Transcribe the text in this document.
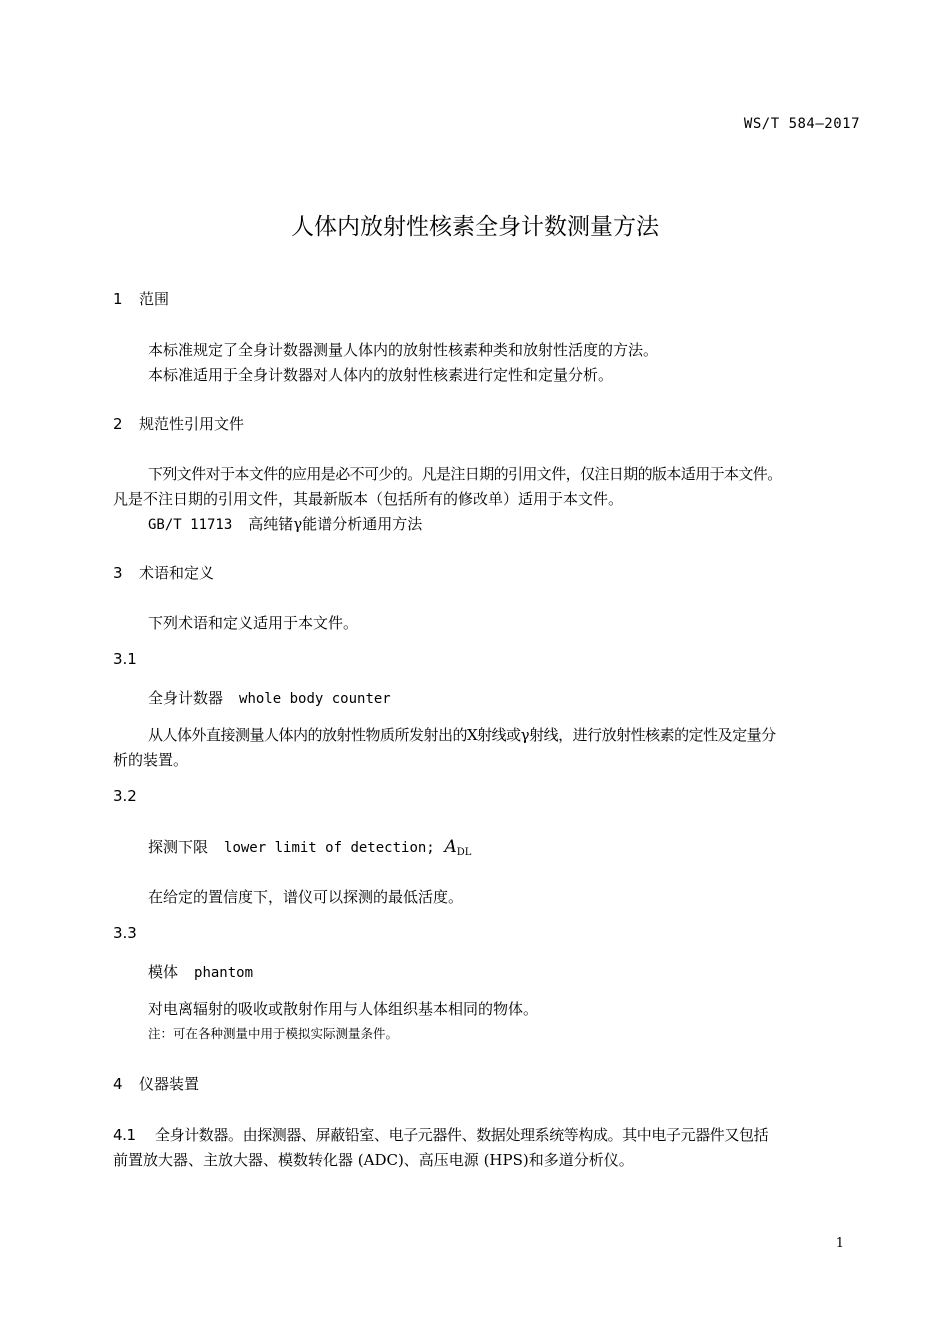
WS/T 584—2017
人体内放射性核素全身计数测量方法
1 范围
本标准规定了全身计数器测量人体内的放射性核素种类和放射性活度的方法。
本标准适用于全身计数器对人体内的放射性核素进行定性和定量分析。
2 规范性引用文件
下列文件对于本文件的应用是必不可少的。凡是注日期的引用文件，仅注日期的版本适用于本文件。
凡是不注日期的引用文件，其最新版本（包括所有的修改单）适用于本文件。
GB/T 11713 高纯锗γ能谱分析通用方法
3 术语和定义
下列术语和定义适用于本文件。
3.1
全身计数器 whole body counter
从人体外直接测量人体内的放射性物质所发射出的X射线或γ射线，进行放射性核素的定性及定量分
析的装置。
3.2
探测下限 lower limit of detection; $A_{DL}$
在给定的置信度下，谱仪可以探测的最低活度。
3.3
模体 phantom
对电离辐射的吸收或散射作用与人体组织基本相同的物体。
注：可在各种测量中用于模拟实际测量条件。
4 仪器装置
4.1 全身计数器。由探测器、屏蔽铅室、电子元器件、数据处理系统等构成。其中电子元器件又包括
前置放大器、主放大器、模数转化器 (ADC)、高压电源 (HPS)和多道分析仪。
1
